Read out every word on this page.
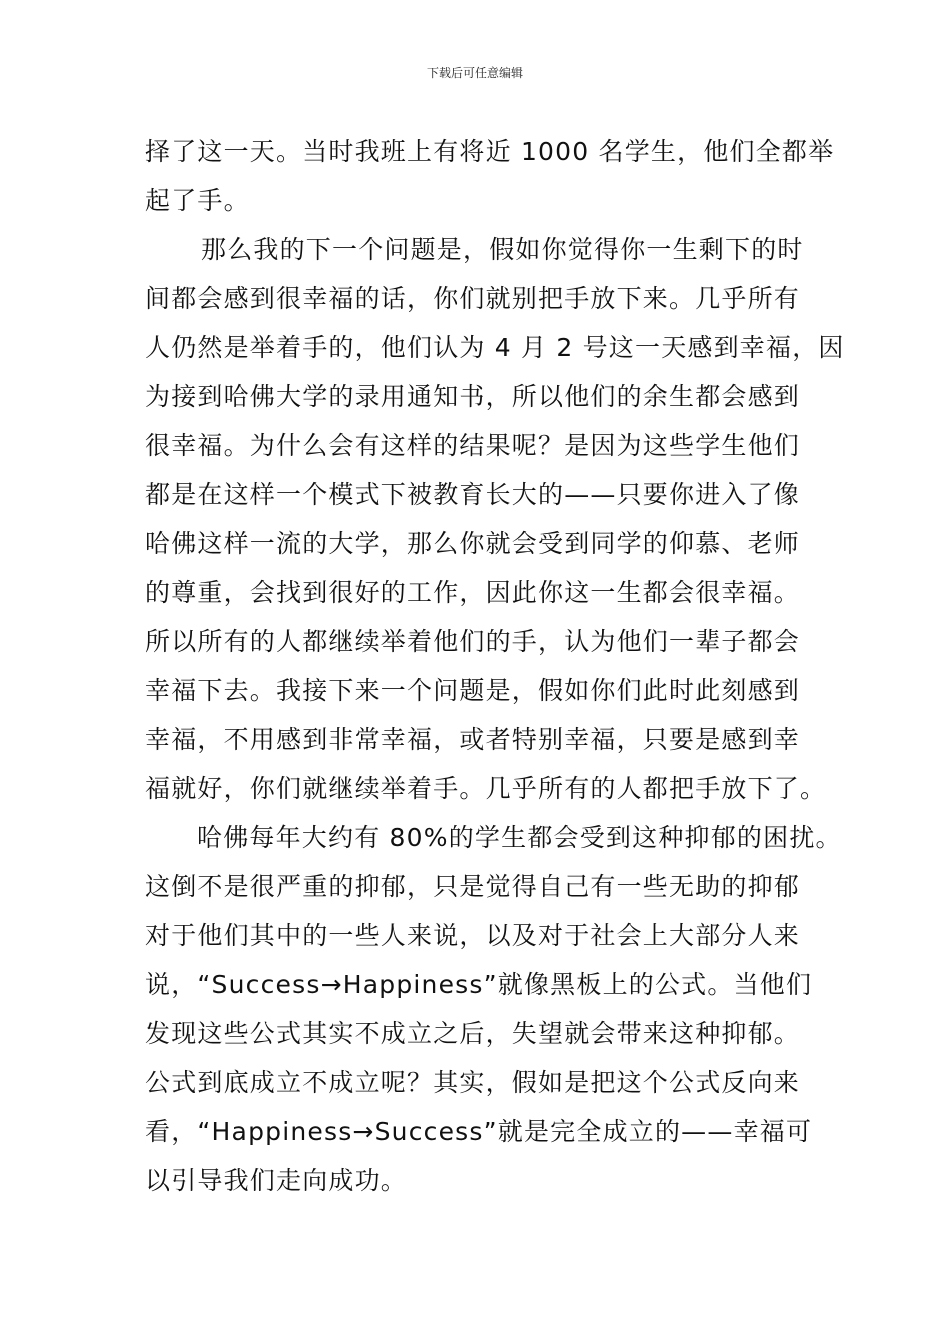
下载后可任意编辑

择了这一天。当时我班上有将近 1000 名学生，他们全都举
起了手。

那么我的下一个问题是，假如你觉得你一生剩下的时
间都会感到很幸福的话，你们就别把手放下来。几乎所有
人仍然是举着手的，他们认为 4 月 2 号这一天感到幸福，因
为接到哈佛大学的录用通知书，所以他们的余生都会感到
很幸福。为什么会有这样的结果呢？是因为这些学生他们
都是在这样一个模式下被教育长大的——只要你进入了像
哈佛这样一流的大学，那么你就会受到同学的仰慕、老师
的尊重，会找到很好的工作，因此你这一生都会很幸福。
所以所有的人都继续举着他们的手，认为他们一辈子都会
幸福下去。我接下来一个问题是，假如你们此时此刻感到
幸福，不用感到非常幸福，或者特别幸福，只要是感到幸
福就好，你们就继续举着手。几乎所有的人都把手放下了。

哈佛每年大约有 80%的学生都会受到这种抑郁的困扰。
这倒不是很严重的抑郁，只是觉得自己有一些无助的抑郁
对于他们其中的一些人来说，以及对于社会上大部分人来
说，“Success→Happiness”就像黑板上的公式。当他们
发现这些公式其实不成立之后，失望就会带来这种抑郁。
公式到底成立不成立呢？其实，假如是把这个公式反向来
看，“Happiness→Success”就是完全成立的——幸福可
以引导我们走向成功。
